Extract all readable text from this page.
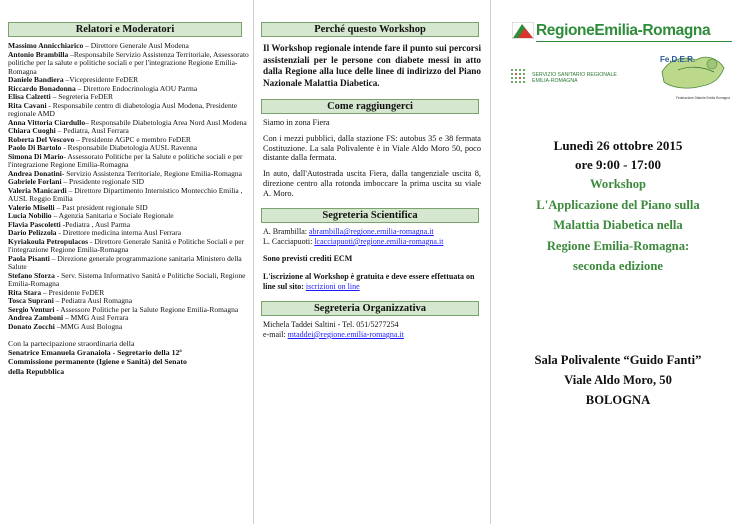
Relatori e Moderatori
Massimo Annicchiarico – Direttore Generale Ausl Modena
Antonio Brambilla –Responsabile Servizio Assistenza Territoriale, Assessorato politiche per la salute e politiche sociali e per l'integrazione Regione Emilia-Romagna
Daniele Bandiera –Vicepresidente FeDER
Riccardo Bonadonna – Direttore Endocrinologia AOU Parma
Elisa Calzetti – Segreteria FeDER
Rita Cavani - Responsabile centro di diabetologia Ausl Modena, Presidente regionale AMD
Anna Vittoria Ciardullo– Responsabile Diabetologia Area Nord Ausl Modena
Chiara Cuoghi – Pediatra, Ausl Ferrara
Roberta Del Vescovo – Presidente AGPC e membro FeDER
Paolo Di Bartolo - Responsabile Diabetologia AUSL Ravenna
Simona Di Mario- Assessorato Politiche per la Salute e politiche sociali e per l'integrazione Regione Emilia-Romagna
Andrea Donatini- Servizio Assistenza Territoriale, Regione Emilia-Romagna
Gabriele Forlani – Presidente regionale SID
Valeria Manicardi – Direttore Dipartimento Internistico Montecchio Emilia , AUSL Reggio Emilia
Valerio Miselli – Past president regionale SID
Lucia Nobilio – Agenzia Sanitaria e Sociale Regionale
Flavia Pascoletti -Pediatra , Ausl Parma
Dario Pelizzola - Direttore medicina interna Ausl Ferrara
Kyriakoula Petropulacos - Direttore Generale Sanità e Politiche Sociali e per l'integrazione Regione Emilia-Romagna
Paola Pisanti – Direzione generale programmazione sanitaria Ministero della Salute
Stefano Sforza - Serv. Sistema Informativo Sanità e Politiche Sociali, Regione Emilia-Romagna
Rita Stara – Presidente FeDER
Tosca Suprani – Pediatra Ausl Romagna
Sergio Venturi - Assessore Politiche per la Salute Regione Emilia-Romagna
Andrea Zamboni – MMG Ausl Ferrara
Donato Zocchi –MMG Ausl Bologna
Con la partecipazione straordinaria della
Senatrice Emanuela Granaiola - Segretario della 12ª
Commissione permanente (Igiene e Sanità) del Senato
della Repubblica
Perché questo Workshop
Il Workshop regionale intende fare il punto sui percorsi assistenziali per le persone con diabete messi in atto dalla Regione alla luce delle linee di indirizzo del Piano Nazionale Malattia Diabetica.
Come raggiungerci

Siamo in zona Fiera

Con i mezzi pubblici, dalla stazione FS: autobus 35 e 38 fermata Costituzione. La sala Polivalente è in Viale Aldo Moro 50, poco distante dalla fermata.

In auto, dall'Autostrada uscita Fiera, dalla tangenziale uscita 8, direzione centro alla rotonda imboccare la prima uscita su viale A. Moro.

Segreteria Scientifica

A. Brambilla: abrambilla@regione.emilia-romagna.it

L. Cacciapuoti: lcacciapuoti@regione.emilia-romagna.it

Sono previsti crediti ECM

L'iscrizione al Workshop è gratuita e deve essere effettuata on line sul sito: iscrizioni on line

Segreteria Organizzativa

Michela Taddei Saltini - Tel. 051/5277254

e-mail: mtaddei@regione.emilia-romagna.it

RegioneEmilia-Romagna
SERVIZIO SANITARIO REGIONALE
EMILIA-ROMAGNA
Fe.D.E.R.
Federazione Diabete Emilia Romagna
Lunedì 26 ottobre 2015
ore 9:00 - 17:00
Workshop
L'Applicazione del Piano sulla
Malattia Diabetica nella
Regione Emilia-Romagna:
seconda edizione
Sala Polivalente “Guido Fanti”
Viale Aldo Moro, 50
BOLOGNA
